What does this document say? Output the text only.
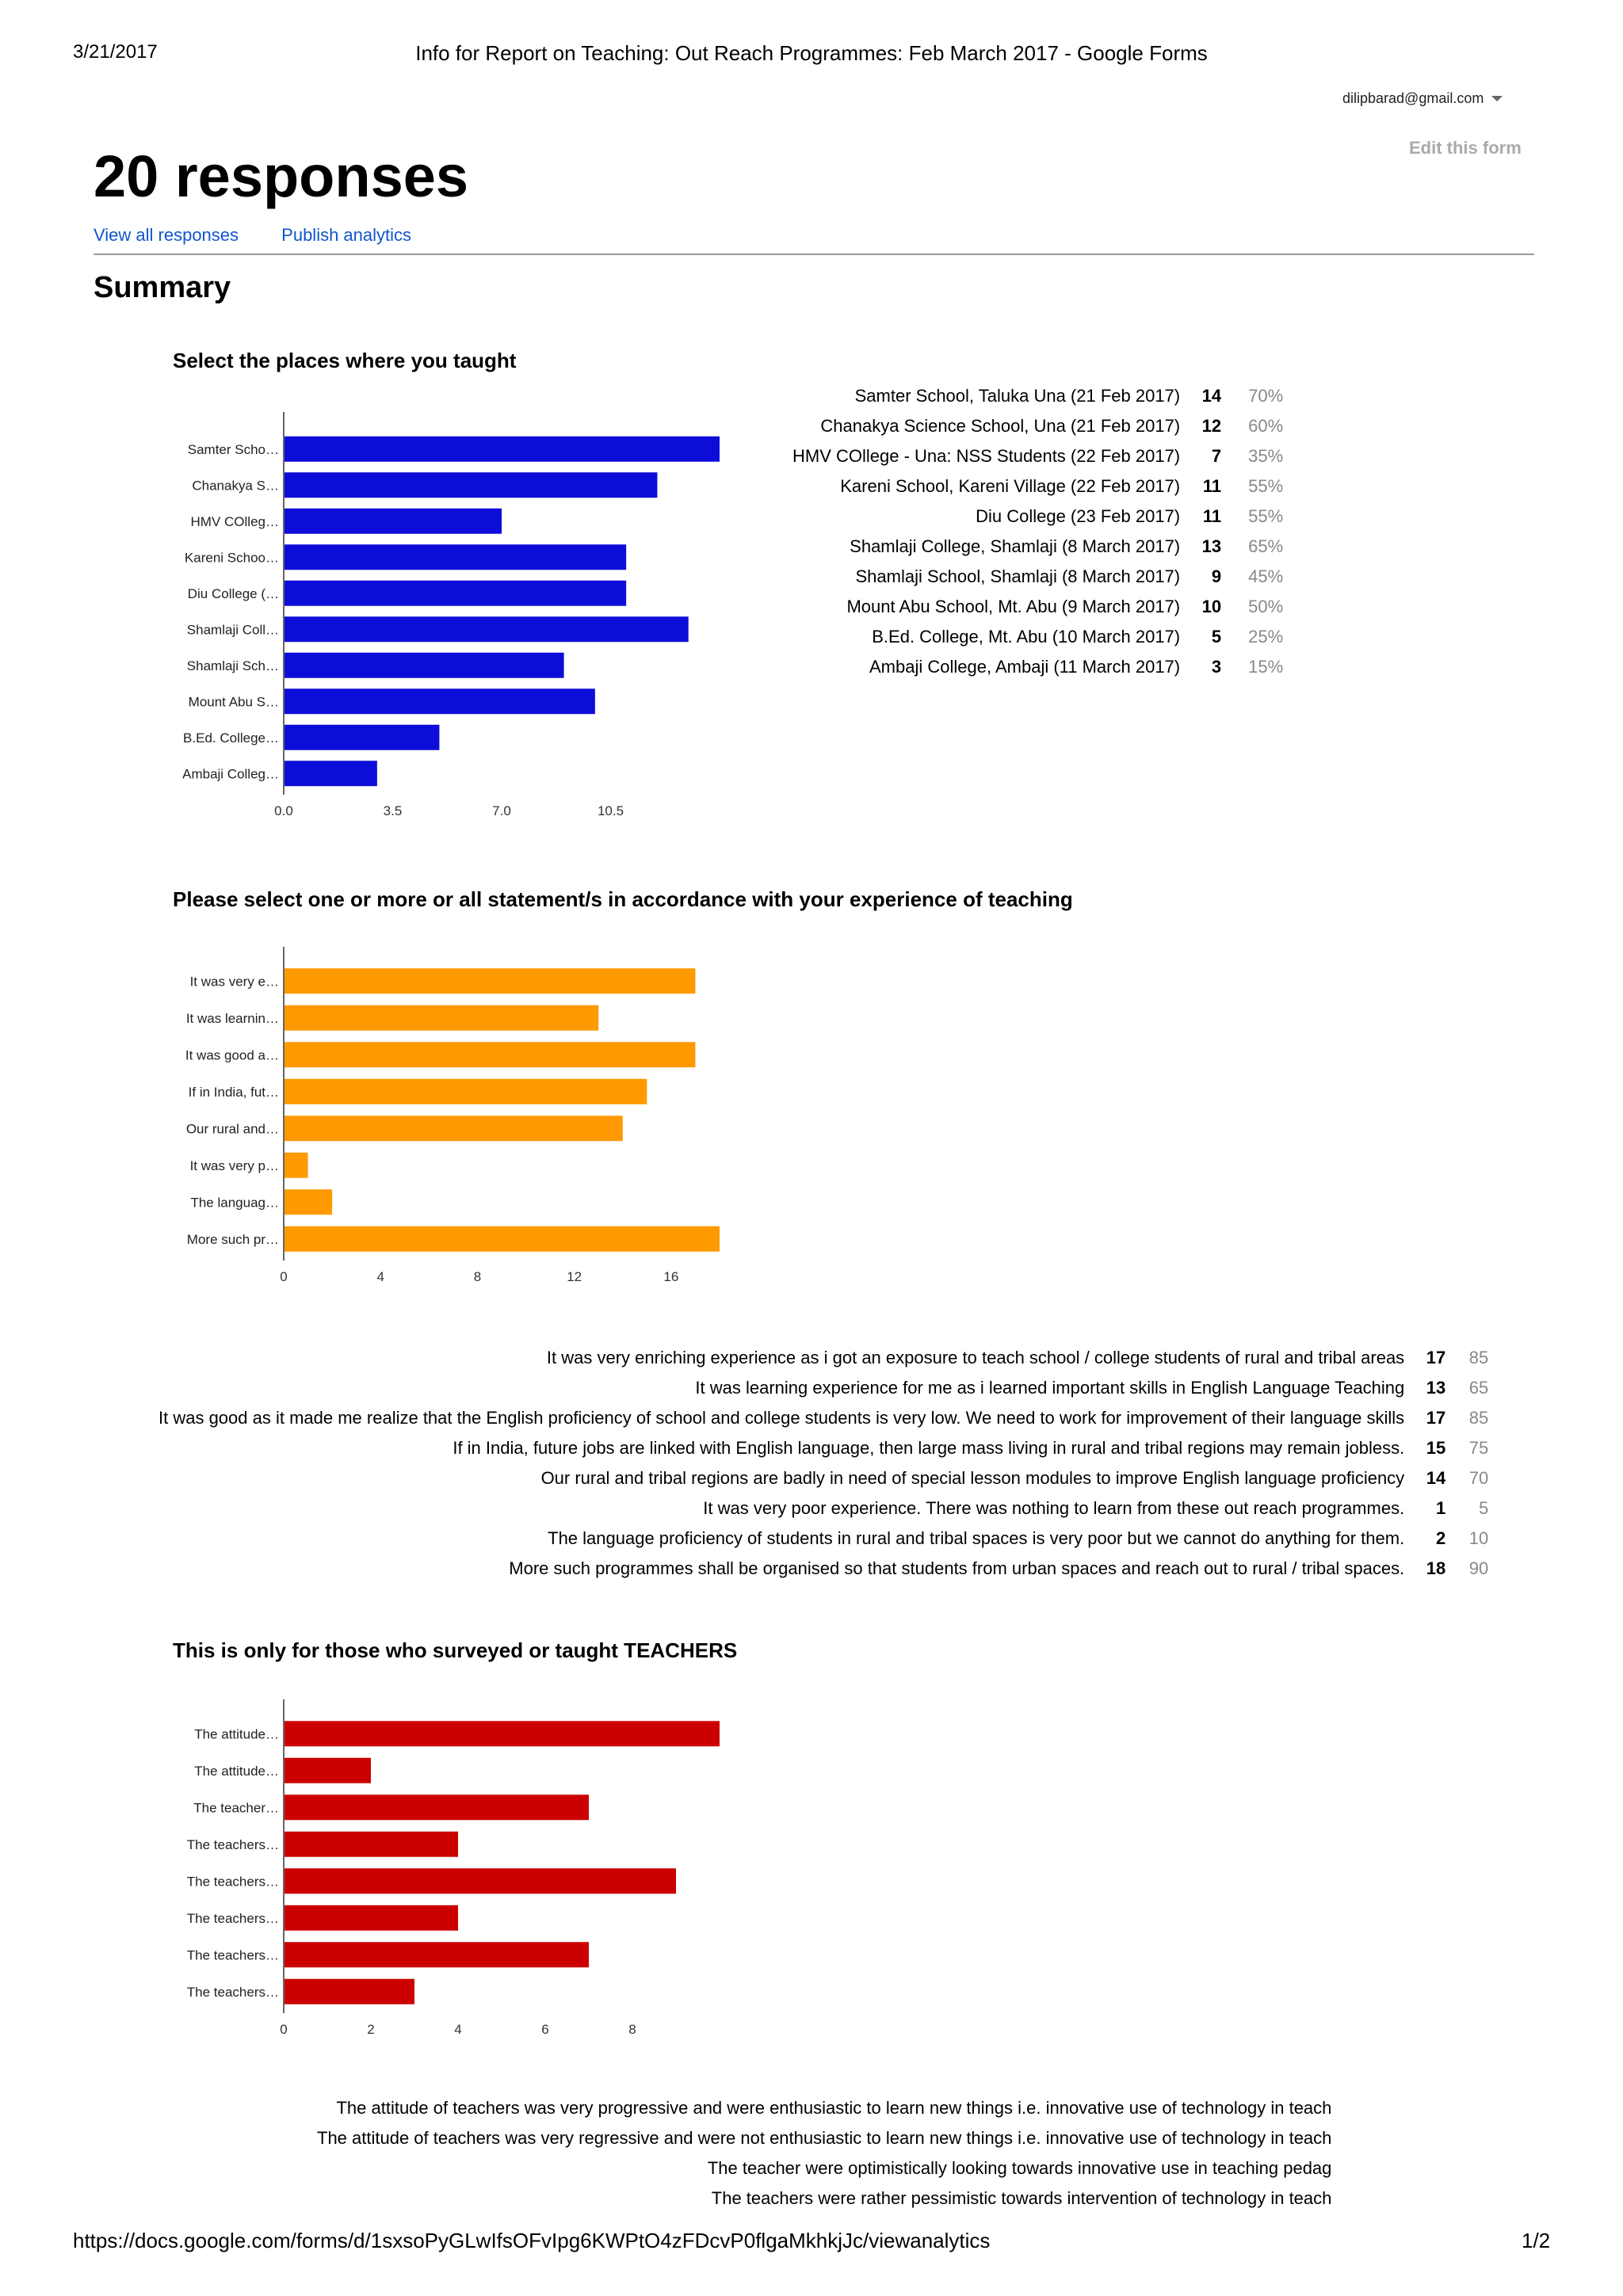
3/21/2017	Info for Report on Teaching: Out Reach Programmes: Feb March 2017 - Google Forms
dilipbarad@gmail.com
Edit this form
20 responses
View all responses Publish analytics
Summary
Select the places where you taught
Samter Scho…
Chanakya S…
HMV COlleg…
Kareni Schoo…
Diu College (…
Shamlaji Coll…
Shamlaji Sch…
Mount Abu S…
B.Ed. College…
Ambaji Colleg…
0.0	3.5	7.0	10.5
Samter School, Taluka Una (21 Feb 2017)	14	70%
Chanakya Science School, Una (21 Feb 2017)	12	60%
HMV COllege - Una: NSS Students (22 Feb 2017)	7	35%
Kareni School, Kareni Village (22 Feb 2017)	11	55%
Diu College (23 Feb 2017)	11	55%
Shamlaji College, Shamlaji (8 March 2017)	13	65%
Shamlaji School, Shamlaji (8 March 2017)	9	45%
Mount Abu School, Mt. Abu (9 March 2017)	10	50%
B.Ed. College, Mt. Abu (10 March 2017)	5	25%
Ambaji College, Ambaji (11 March 2017)	3	15%
Please select one or more or all statement/s in accordance with your experience of teaching
It was very e…
It was learnin…
It was good a…
If in India, fut…
Our rural and…
It was very p…
The languag…
More such pr…
0	4	8	12	16
It was very enriching experience as i got an exposure to teach school / college students of rural and tribal areas	17	85
It was learning experience for me as i learned important skills in English Language Teaching	13	65
It was good as it made me realize that the English proficiency of school and college students is very low. We need to work for improvement of their language skills	17	85
If in India, future jobs are linked with English language, then large mass living in rural and tribal regions may remain jobless.	15	75
Our rural and tribal regions are badly in need of special lesson modules to improve English language proficiency	14	70
It was very poor experience. There was nothing to learn from these out reach programmes.	1	5
The language proficiency of students in rural and tribal spaces is very poor but we cannot do anything for them.	2	10
More such programmes shall be organised so that students from urban spaces and reach out to rural / tribal spaces.	18	90
This is only for those who surveyed or taught TEACHERS
The attitude…
The attitude…
The teacher…
The teachers…
The teachers…
The teachers…
The teachers…
The teachers…
0	2	4	6	8
The attitude of teachers was very progressive and were enthusiastic to learn new things i.e. innovative use of technology in teach
The attitude of teachers was very regressive and were not enthusiastic to learn new things i.e. innovative use of technology in teach
The teacher were optimistically looking towards innovative use in teaching pedag
The teachers were rather pessimistic towards intervention of technology in teach
https://docs.google.com/forms/d/1sxsoPyGLwIfsOFvIpg6KWPtO4zFDcvP0flgaMkhkjJc/viewanalytics	1/2
